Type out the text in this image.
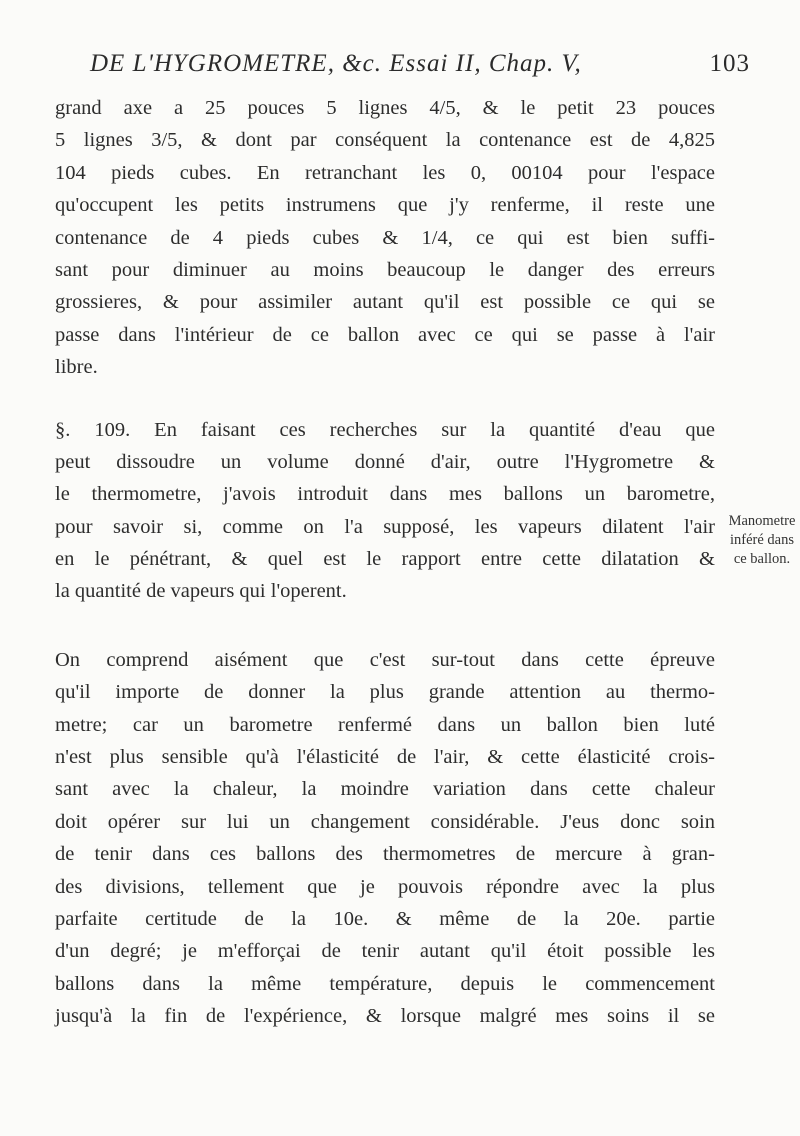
DE L'HYGROMETRE, &c. Essai II, Chap. V,	103
grand axe a 25 pouces 5 lignes 4/5, & le petit 23 pouces
5 lignes 3/5, & dont par conséquent la contenance est de 4,825
104 pieds cubes. En retranchant les 0, 00104 pour l'espace
qu'occupent les petits instrumens que j'y renferme, il reste une
contenance de 4 pieds cubes & 1/4, ce qui est bien suffi-
sant pour diminuer au moins beaucoup le danger des erreurs
grossieres, & pour assimiler autant qu'il est possible ce qui se
passe dans l'intérieur de ce ballon avec ce qui se passe à l'air
libre.
§. 109. En faisant ces recherches sur la quantité d'eau que
peut dissoudre un volume donné d'air, outre l'Hygrometre &
le thermometre, j'avois introduit dans mes ballons un barometre,
pour savoir si, comme on l'a supposé, les vapeurs dilatent l'air
en le pénétrant, & quel est le rapport entre cette dilatation &
la quantité de vapeurs qui l'operent.
On comprend aisément que c'est sur-tout dans cette épreuve
qu'il importe de donner la plus grande attention au thermo-
metre; car un barometre renfermé dans un ballon bien luté
n'est plus sensible qu'à l'élasticité de l'air, & cette élasticité crois-
sant avec la chaleur, la moindre variation dans cette chaleur
doit opérer sur lui un changement considérable. J'eus donc soin
de tenir dans ces ballons des thermometres de mercure à gran-
des divisions, tellement que je pouvois répondre avec la plus
parfaite certitude de la 10e. & même de la 20e. partie
d'un degré; je m'efforçai de tenir autant qu'il étoit possible les
ballons dans la même température, depuis le commencement
jusqu'à la fin de l'expérience, & lorsque malgré mes soins il se
Manometre
inféré dans
ce ballon.
